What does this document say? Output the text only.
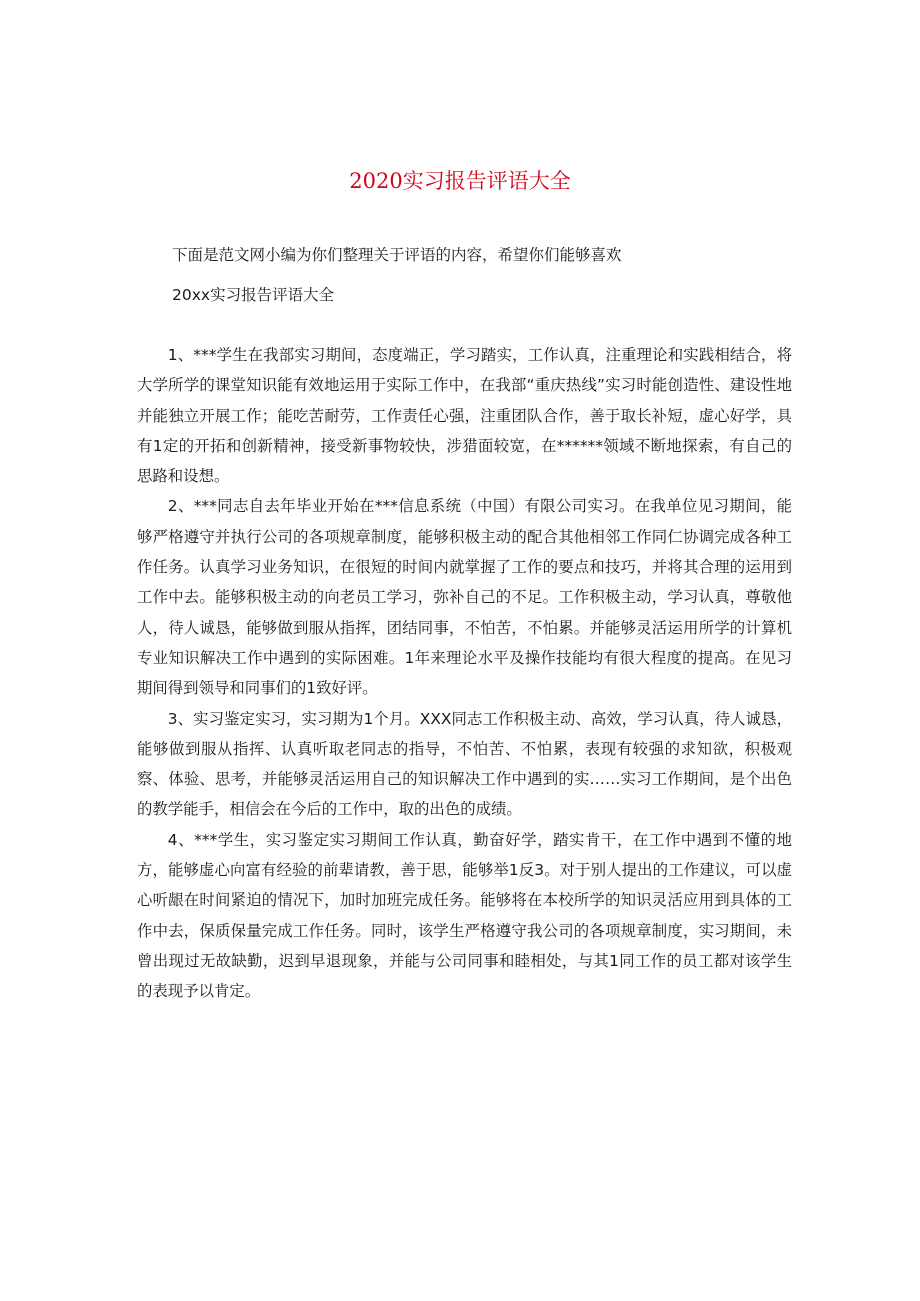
2020实习报告评语大全
下面是范文网小编为你们整理关于评语的内容，希望你们能够喜欢
20xx实习报告评语大全

1、***学生在我部实习期间，态度端正，学习踏实，工作认真，注重理论和实践相结合，将大学所学的课堂知识能有效地运用于实际工作中，在我部“重庆热线”实习时能创造性、建设性地并能独立开展工作；能吃苦耐劳，工作责任心强，注重团队合作，善于取长补短，虚心好学，具有1定的开拓和创新精神，接受新事物较快，涉猎面较宽，在******领域不断地探索，有自己的思路和设想。

2、***同志自去年毕业开始在***信息系统（中国）有限公司实习。在我单位见习期间，能够严格遵守并执行公司的各项规章制度，能够积极主动的配合其他相邻工作同仁协调完成各种工作任务。认真学习业务知识，在很短的时间内就掌握了工作的要点和技巧，并将其合理的运用到工作中去。能够积极主动的向老员工学习，弥补自己的不足。工作积极主动，学习认真，尊敬他人，待人诚恳，能够做到服从指挥，团结同事，不怕苦，不怕累。并能够灵活运用所学的计算机专业知识解决工作中遇到的实际困难。1年来理论水平及操作技能均有很大程度的提高。在见习期间得到领导和同事们的1致好评。

3、实习鉴定实习，实习期为1个月。XXX同志工作积极主动、高效，学习认真，待人诚恳，能够做到服从指挥、认真听取老同志的指导，不怕苦、不怕累，表现有较强的求知欲，积极观察、体验、思考，并能够灵活运用自己的知识解决工作中遇到的实……实习工作期间，是个出色的教学能手，相信会在今后的工作中，取的出色的成绩。

4、***学生，实习鉴定实习期间工作认真，勤奋好学，踏实肯干，在工作中遇到不懂的地方，能够虚心向富有经验的前辈请教，善于思，能够举1反3。对于别人提出的工作建议，可以虚心听龈在时间紧迫的情况下，加时加班完成任务。能够将在本校所学的知识灵活应用到具体的工作中去，保质保量完成工作任务。同时，该学生严格遵守我公司的各项规章制度，实习期间，未曾出现过无故缺勤，迟到早退现象，并能与公司同事和睦相处，与其1同工作的员工都对该学生的表现予以肯定。
